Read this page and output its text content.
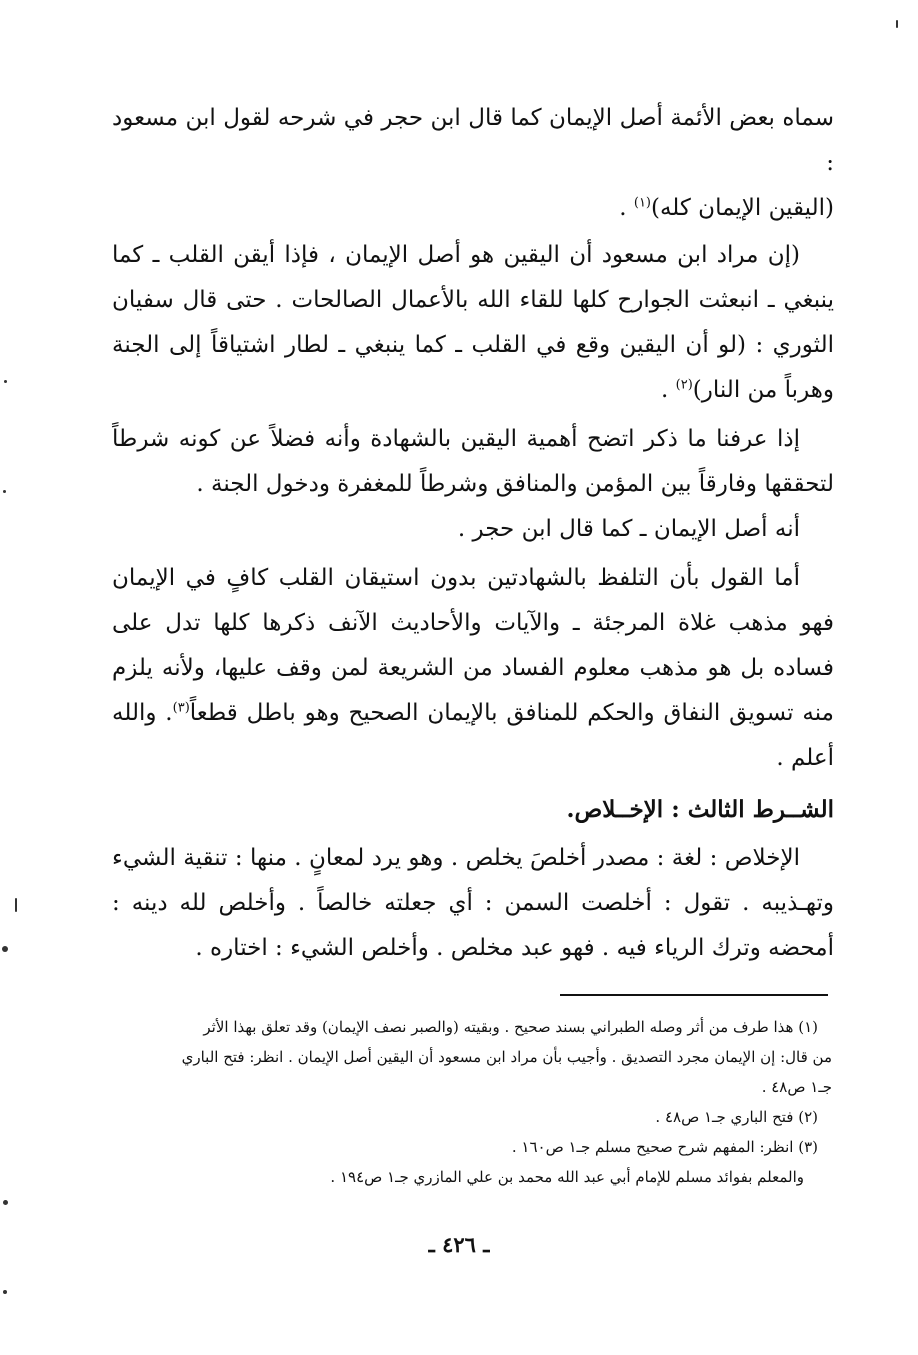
سماه بعض الأئمة أصل الإيمان كما قال ابن حجر في شرحه لقول ابن مسعود :
(اليقين الإيمان كله)$^{(١)}$ .

(إن مراد ابن مسعود أن اليقين هو أصل الإيمان ، فإذا أيقن القلب ـ كما ينبغي ـ انبعثت الجوارح كلها للقاء الله بالأعمال الصالحات . حتى قال سفيان الثوري : (لو أن اليقين وقع في القلب ـ كما ينبغي ـ لطار اشتياقاً إلى الجنة وهرباً من النار)$^{(٢)}$ .

إذا عرفنا ما ذكر اتضح أهمية اليقين بالشهادة وأنه فضلاً عن كونه شرطاً لتحققها وفارقاً بين المؤمن والمنافق وشرطاً للمغفرة ودخول الجنة .

أنه أصل الإيمان ـ كما قال ابن حجر .

أما القول بأن التلفظ بالشهادتين بدون استيقان القلب كافٍ في الإيمان فهو مذهب غلاة المرجئة ـ والآيات والأحاديث الآنف ذكرها كلها تدل على فساده بل هو مذهب معلوم الفساد من الشريعة لمن وقف عليها، ولأنه يلزم منه تسويق النفاق والحكم للمنافق بالإيمان الصحيح وهو باطل قطعاً$^{(٣)}$. والله أعلم .

الشــرط الثالث : الإخــلاص.

الإخلاص : لغة : مصدر أخلصَ يخلص . وهو يرد لمعانٍ . منها : تنقية الشيء وتهـذيبه . تقول : أخلصت السمن : أي جعلته خالصاً . وأخلص لله دينه : أمحضه وترك الرياء فيه . فهو عبد مخلص . وأخلص الشيء : اختاره .

(١) هذا طرف من أثر وصله الطبراني بسند صحيح . وبقيته (والصبر نصف الإيمان) وقد تعلق بهذا الأثر

من قال: إن الإيمان مجرد التصديق . وأجيب بأن مراد ابن مسعود أن اليقين أصل الإيمان . انظر: فتح الباري

جـ١ ص٤٨ .

(٢) فتح الباري جـ١ ص٤٨ .

(٣) انظر: المفهم شرح صحيح مسلم جـ١ ص١٦٠ .

والمعلم بفوائد مسلم للإمام أبي عبد الله محمد بن علي المازري جـ١ ص١٩٤ .

ـ ٤٢٦ ـ
